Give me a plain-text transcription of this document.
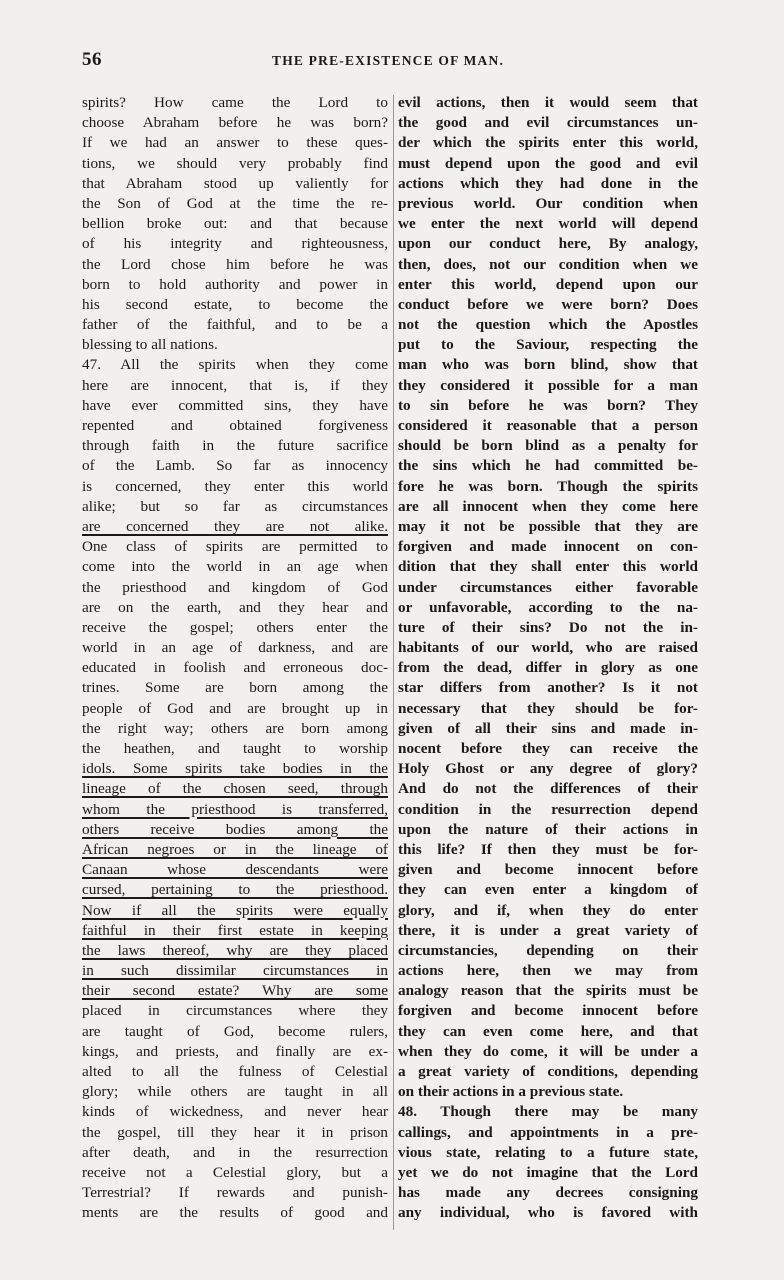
56	THE PRE-EXISTENCE OF MAN.
spirits? How came the Lord to
choose Abraham before he was born?
If we had an answer to these ques-
tions, we should very probably find
that Abraham stood up valiently for
the Son of God at the time the re-
bellion broke out: and that because
of his integrity and righteousness,
the Lord chose him before he was
born to hold authority and power in
his second estate, to become the
father of the faithful, and to be a
blessing to all nations.
47. All the spirits when they come
here are innocent, that is, if they
have ever committed sins, they have
repented and obtained forgiveness
through faith in the future sacrifice
of the Lamb. So far as innocency
is concerned, they enter this world
alike; but so far as circumstances
are concerned they are not alike.
One class of spirits are permitted to
come into the world in an age when
the priesthood and kingdom of God
are on the earth, and they hear and
receive the gospel; others enter the
world in an age of darkness, and are
educated in foolish and erroneous doc-
trines. Some are born among the
people of God and are brought up in
the right way; others are born among
the heathen, and taught to worship
idols. Some spirits take bodies in the
lineage of the chosen seed, through
whom the priesthood is transferred,
others receive bodies among the
African negroes or in the lineage of
Canaan whose descendants were
cursed, pertaining to the priesthood.
Now if all the spirits were equally
faithful in their first estate in keeping
the laws thereof, why are they placed
in such dissimilar circumstances in
their second estate? Why are some
placed in circumstances where they
are taught of God, become rulers,
kings, and priests, and finally are ex-
alted to all the fulness of Celestial
glory; while others are taught in all
kinds of wickedness, and never hear
the gospel, till they hear it in prison
after death, and in the resurrection
receive not a Celestial glory, but a
Terrestrial? If rewards and punish-
ments are the results of good and
evil actions, then it would seem that
the good and evil circumstances un-
der which the spirits enter this world,
must depend upon the good and evil
actions which they had done in the
previous world. Our condition when
we enter the next world will depend
upon our conduct here, By analogy,
then, does, not our condition when we
enter this world, depend upon our
conduct before we were born? Does
not the question which the Apostles
put to the Saviour, respecting the
man who was born blind, show that
they considered it possible for a man
to sin before he was born? They
considered it reasonable that a person
should be born blind as a penalty for
the sins which he had committed be-
fore he was born. Though the spirits
are all innocent when they come here
may it not be possible that they are
forgiven and made innocent on con-
dition that they shall enter this world
under circumstances either favorable
or unfavorable, according to the na-
ture of their sins? Do not the in-
habitants of our world, who are raised
from the dead, differ in glory as one
star differs from another? Is it not
necessary that they should be for-
given of all their sins and made in-
nocent before they can receive the
Holy Ghost or any degree of glory?
And do not the differences of their
condition in the resurrection depend
upon the nature of their actions in
this life? If then they must be for-
given and become innocent before
they can even enter a kingdom of
glory, and if, when they do enter
there, it is under a great variety of
circumstancies, depending on their
actions here, then we may from
analogy reason that the spirits must be
forgiven and become innocent before
they can even come here, and that
when they do come, it will be under a
a great variety of conditions, depending
on their actions in a previous state.
48. Though there may be many
callings, and appointments in a pre-
vious state, relating to a future state,
yet we do not imagine that the Lord
has made any decrees consigning
any individual, who is favored with
